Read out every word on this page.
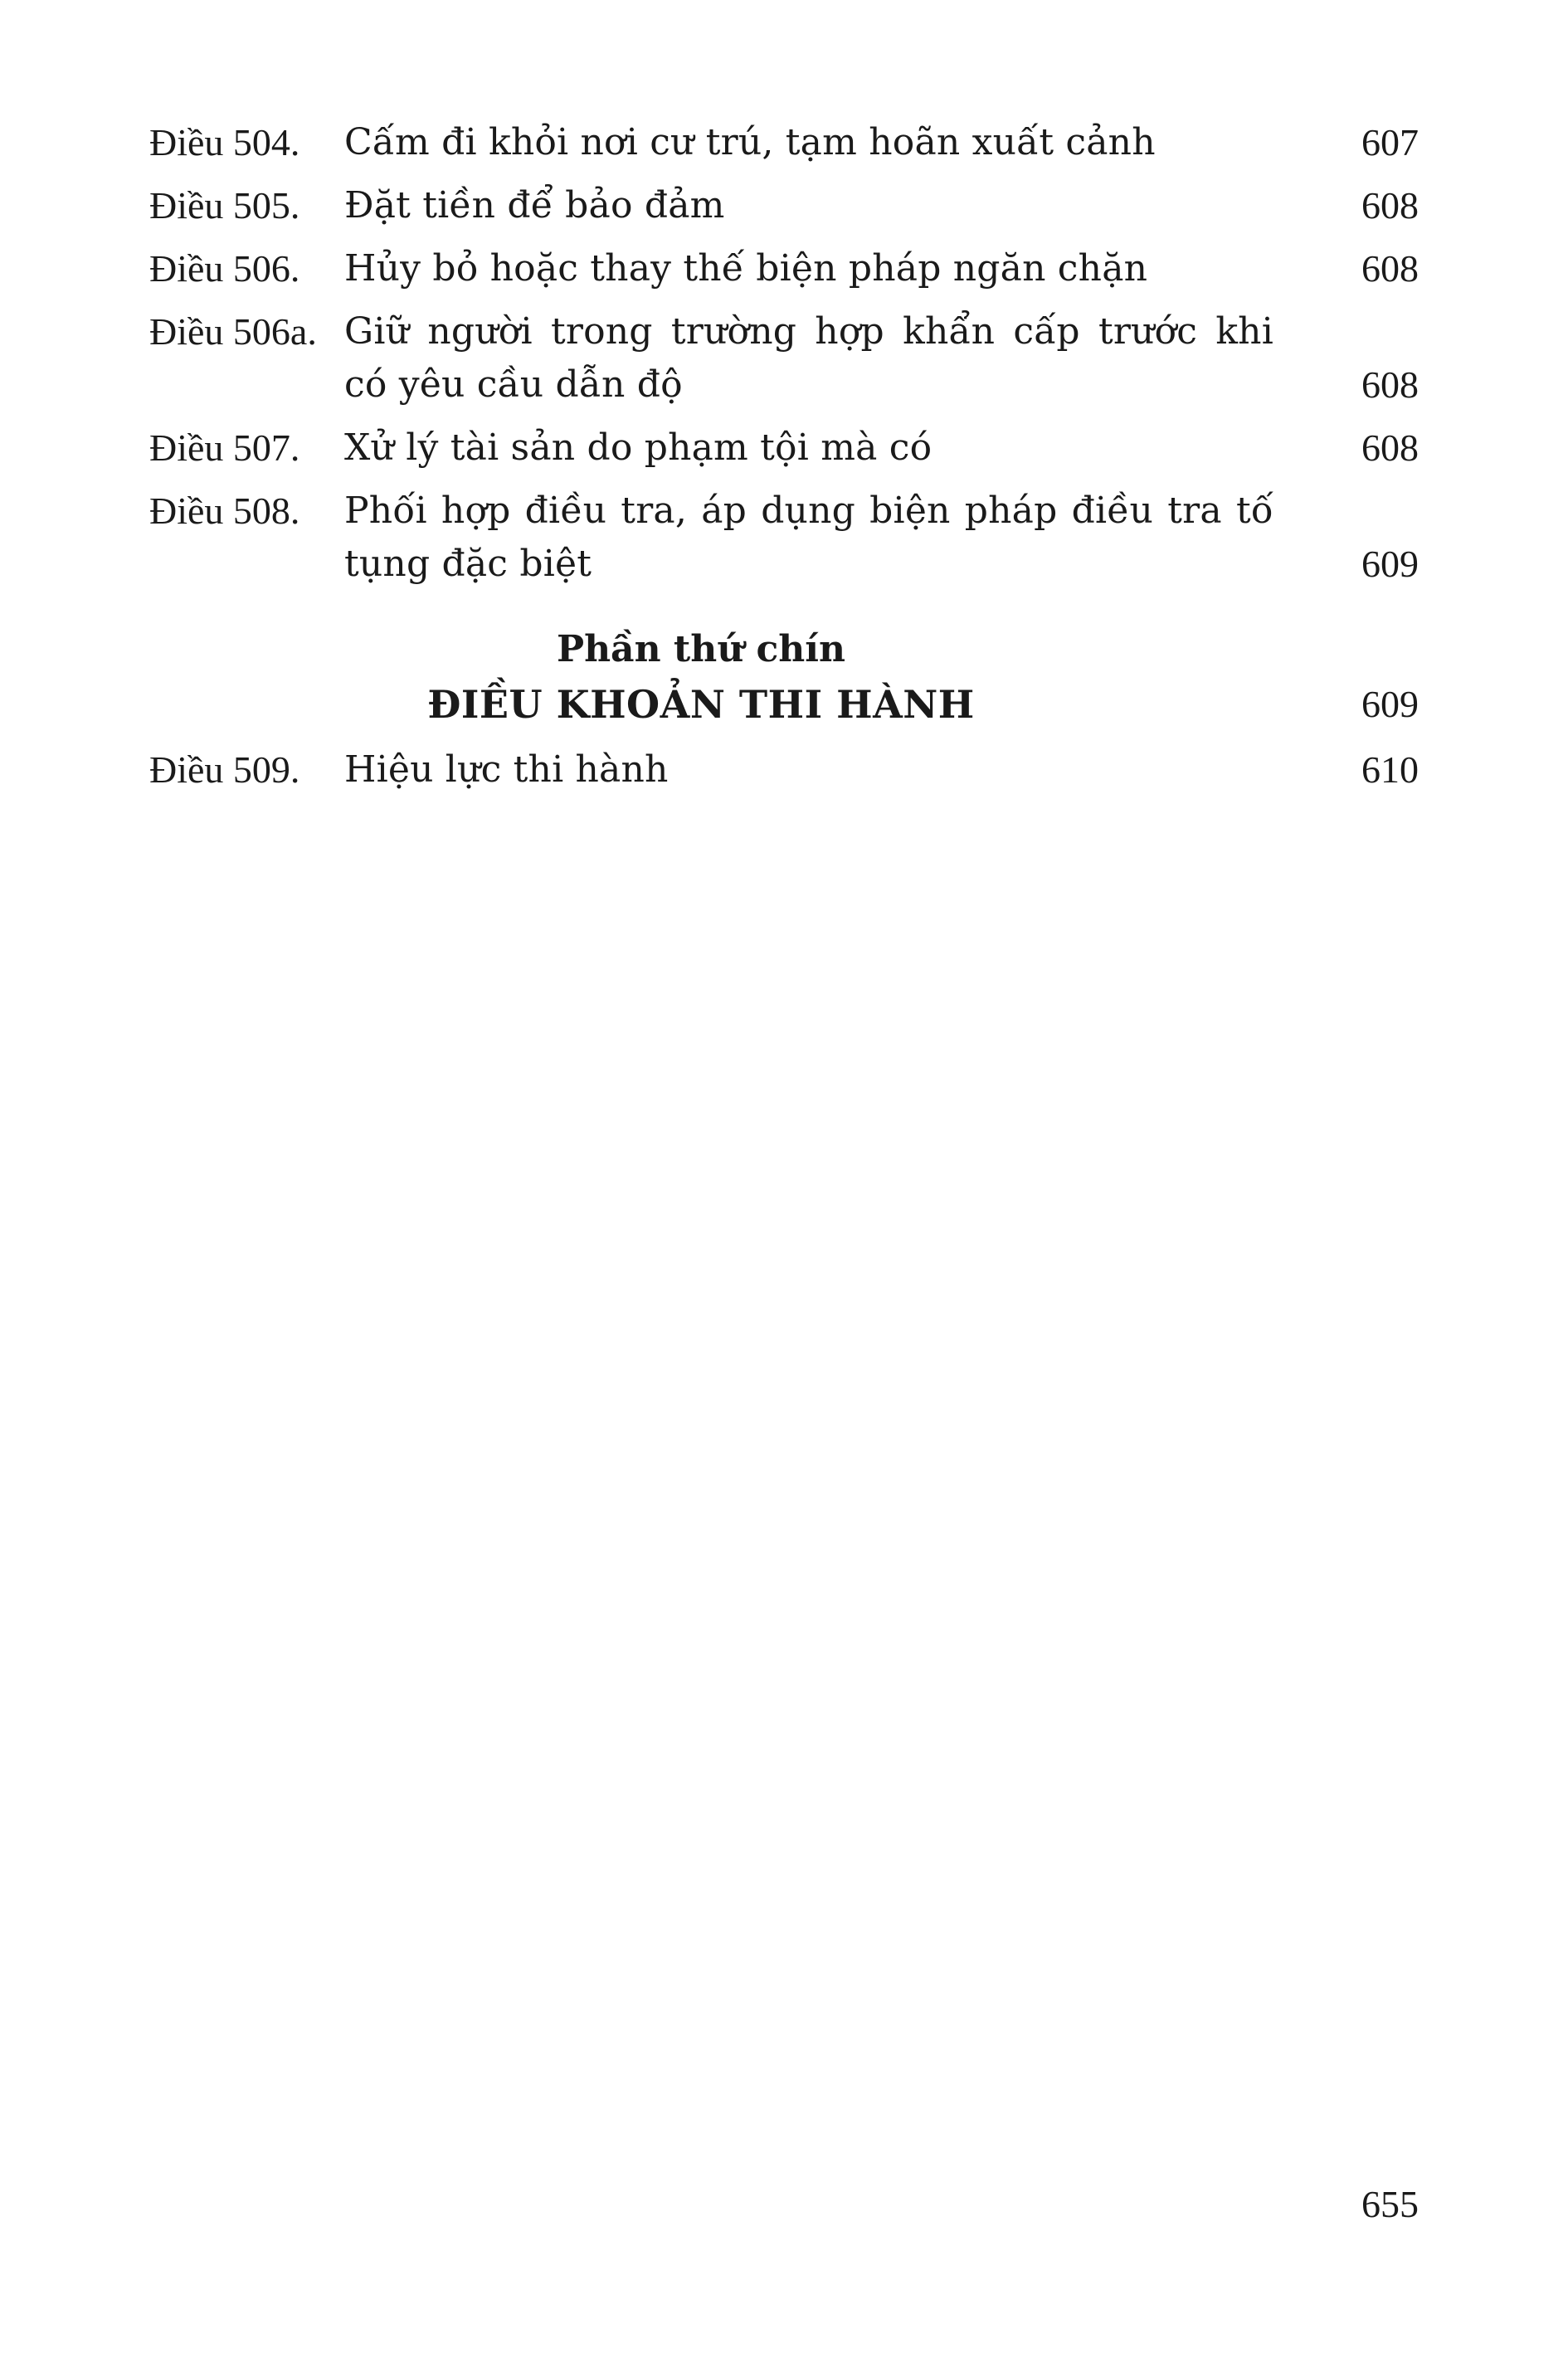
Điều 504.	Cấm đi khỏi nơi cư trú, tạm hoãn xuất cảnh	607
Điều 505.	Đặt tiền để bảo đảm	608
Điều 506.	Hủy bỏ hoặc thay thế biện pháp ngăn chặn	608
Điều 506a. Giữ người trong trường hợp khẩn cấp trước khi có yêu cầu dẫn độ	608
Điều 507.	Xử lý tài sản do phạm tội mà có	608
Điều 508.	Phối hợp điều tra, áp dụng biện pháp điều tra tố tụng đặc biệt	609
Phần thứ chín
ĐIỀU KHOẢN THI HÀNH	609
Điều 509.	Hiệu lực thi hành	610
655
